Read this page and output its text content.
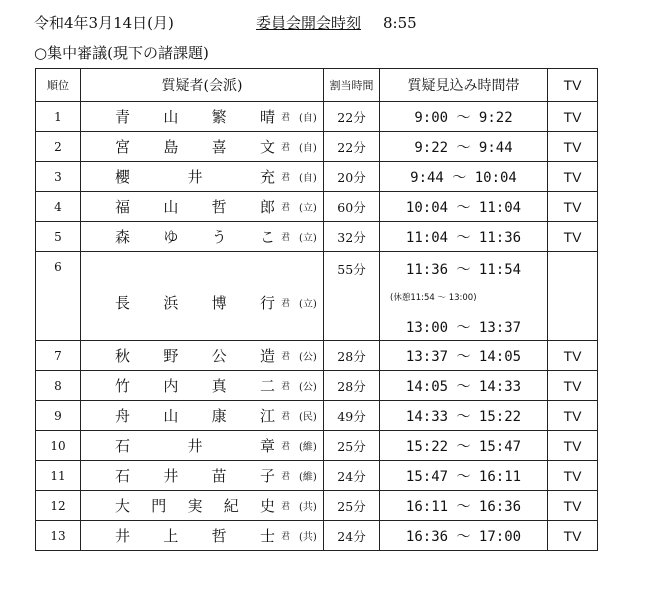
令和4年3月14日(月)	委員会開会時刻 8:55
○集中審議(現下の諸課題)
順位	質疑者(会派)	割当時間	質疑見込み時間帯	TV
1	青山繁晴 君 (自)	22分	9:00 ～ 9:22	TV
2	宮島喜文 君 (自)	22分	9:22 ～ 9:44	TV
3	櫻井充 君 (自)	20分	9:44 ～ 10:04	TV
4	福山哲郎 君 (立)	60分	10:04 ～ 11:04	TV
5	森ゆうこ 君 (立)	32分	11:04 ～ 11:36	TV

6	長浜博行 君 (立)	55分	11:36 ～ 11:54
(休憩11:54 ～ 13:00)
13:00 ～ 13:37	

7	秋野公造 君 (公)	28分	13:37 ～ 14:05	TV
8	竹内真二 君 (公)	28分	14:05 ～ 14:33	TV
9	舟山康江 君 (民)	49分	14:33 ～ 15:22	TV
10	石井章 君 (維)	25分	15:22 ～ 15:47	TV
11	石井苗子 君 (維)	24分	15:47 ～ 16:11	TV
12	大門実紀史 君 (共)	25分	16:11 ～ 16:36	TV
13	井上哲士 君 (共)	24分	16:36 ～ 17:00	TV
